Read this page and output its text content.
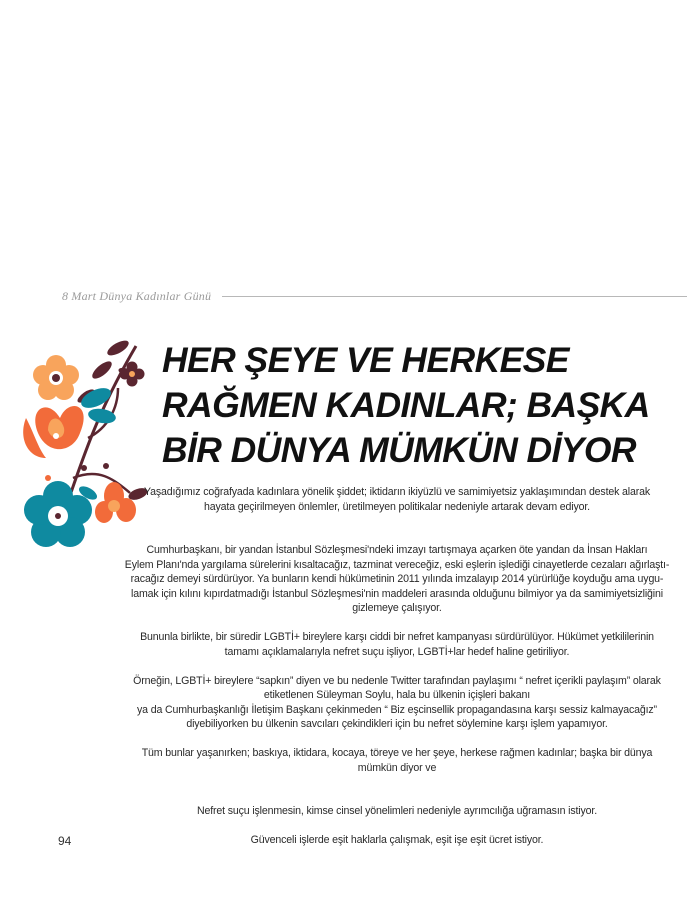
8 Mart Dünya Kadınlar Günü
HER ŞEYE VE HERKESE
RAĞMEN KADINLAR; BAŞKA
BİR DÜNYA MÜMKÜN DİYOR

Yaşadığımız coğrafyada kadınlara yönelik şiddet; iktidarın ikiyüzlü ve samimiyetsiz yaklaşımından destek alarak
hayata geçirilmeyen önlemler, üretilmeyen politikalar nedeniyle artarak devam ediyor.

Cumhurbaşkanı, bir yandan İstanbul Sözleşmesi'ndeki imzayı tartışmaya açarken öte yandan da İnsan Hakları
Eylem Planı'nda yargılama sürelerini kısaltacağız, tazminat vereceğiz, eski eşlerin işlediği cinayetlerde cezaları ağırlaştı-
racağız demeyi sürdürüyor. Ya bunların kendi hükümetinin 2011 yılında imzalayıp 2014 yürürlüğe koyduğu ama uygu-
lamak için kılını kıpırdatmadığı İstanbul Sözleşmesi'nin maddeleri arasında olduğunu bilmiyor ya da samimiyetsizliğini
gizlemeye çalışıyor.

Bununla birlikte, bir süredir LGBTİ+ bireylere karşı ciddi bir nefret kampanyası sürdürülüyor. Hükümet yetkililerinin
tamamı açıklamalarıyla nefret suçu işliyor, LGBTİ+lar hedef haline getiriliyor.

Örneğin, LGBTİ+ bireylere “sapkın” diyen ve bu nedenle Twitter tarafından paylaşımı “ nefret içerikli paylaşım” olarak
etiketlenen Süleyman Soylu, hala bu ülkenin içişleri bakanı
ya da Cumhurbaşkanlığı İletişim Başkanı çekinmeden “ Biz eşcinsellik propagandasına karşı sessiz kalmayacağız”
diyebiliyorken bu ülkenin savcıları çekindikleri için bu nefret söylemine karşı işlem yapamıyor.

Tüm bunlar yaşanırken; baskıya, iktidara, kocaya, töreye ve her şeye, herkese rağmen kadınlar; başka bir dünya
mümkün diyor ve

Nefret suçu işlenmesin, kimse cinsel yönelimleri nedeniyle ayrımcılığa uğramasın istiyor.

Güvenceli işlerde eşit haklarla çalışmak, eşit işe eşit ücret istiyor.

94
